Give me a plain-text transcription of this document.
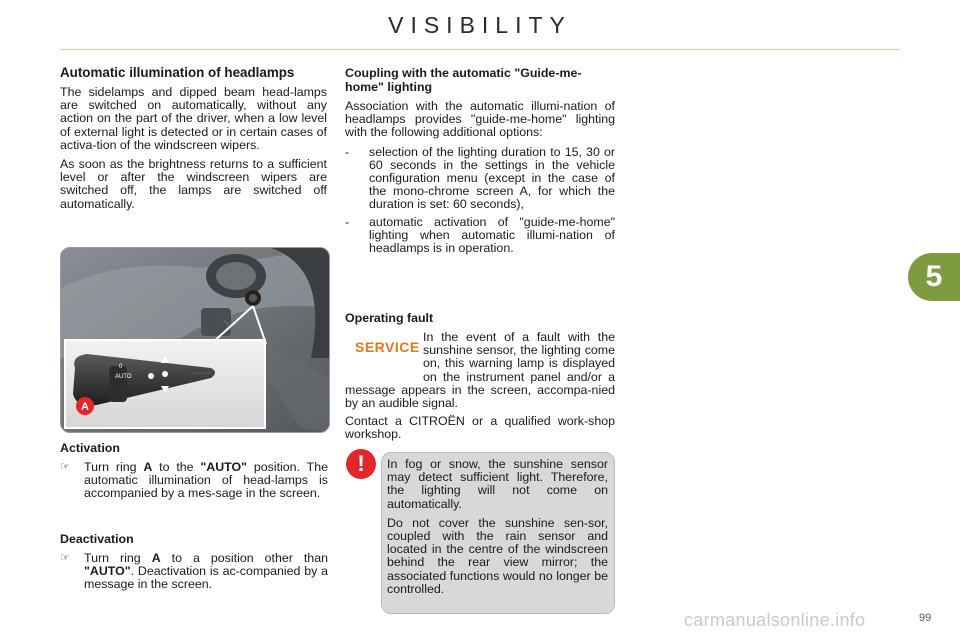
VISIBILITY
Automatic illumination of headlamps

The sidelamps and dipped beam head-lamps are switched on automatically, without any action on the part of the driver, when a low level of external light is detected or in certain cases of activa-tion of the windscreen wipers.

As soon as the brightness returns to a sufficient level or after the windscreen wipers are switched off, the lamps are switched off automatically.

AUTO
0
A
Activation
☞	Turn ring A to the "AUTO" position. The automatic illumination of head-lamps is accompanied by a mes-sage in the screen.
Deactivation
☞	Turn ring A to a position other than "AUTO". Deactivation is ac-companied by a message in the screen.
Coupling with the automatic "Guide-me-home" lighting

Association with the automatic illumi-nation of headlamps provides "guide-me-home" lighting with the following additional options:

-	selection of the lighting duration to 15, 30 or 60 seconds in the settings in the vehicle configuration menu (except in the case of the mono-chrome screen A, for which the duration is set: 60 seconds),
-	automatic activation of "guide-me-home" lighting when automatic illumi-nation of headlamps is in operation.
Operating fault
SERVICE

In the event of a fault with the sunshine sensor, the lighting come on, this warning lamp is displayed on the instrument panel and/or a message appears in the screen, accompa-nied by an audible signal.

Contact a CITROËN or a qualified work-shop workshop.

!	In fog or snow, the sunshine sensor may detect sufficient light. Therefore, the lighting will not come on automatically.

Do not cover the sunshine sen-sor, coupled with the rain sensor and located in the centre of the windscreen behind the rear view mirror; the associated functions would no longer be controlled.

5
carmanualsonline.info	99
